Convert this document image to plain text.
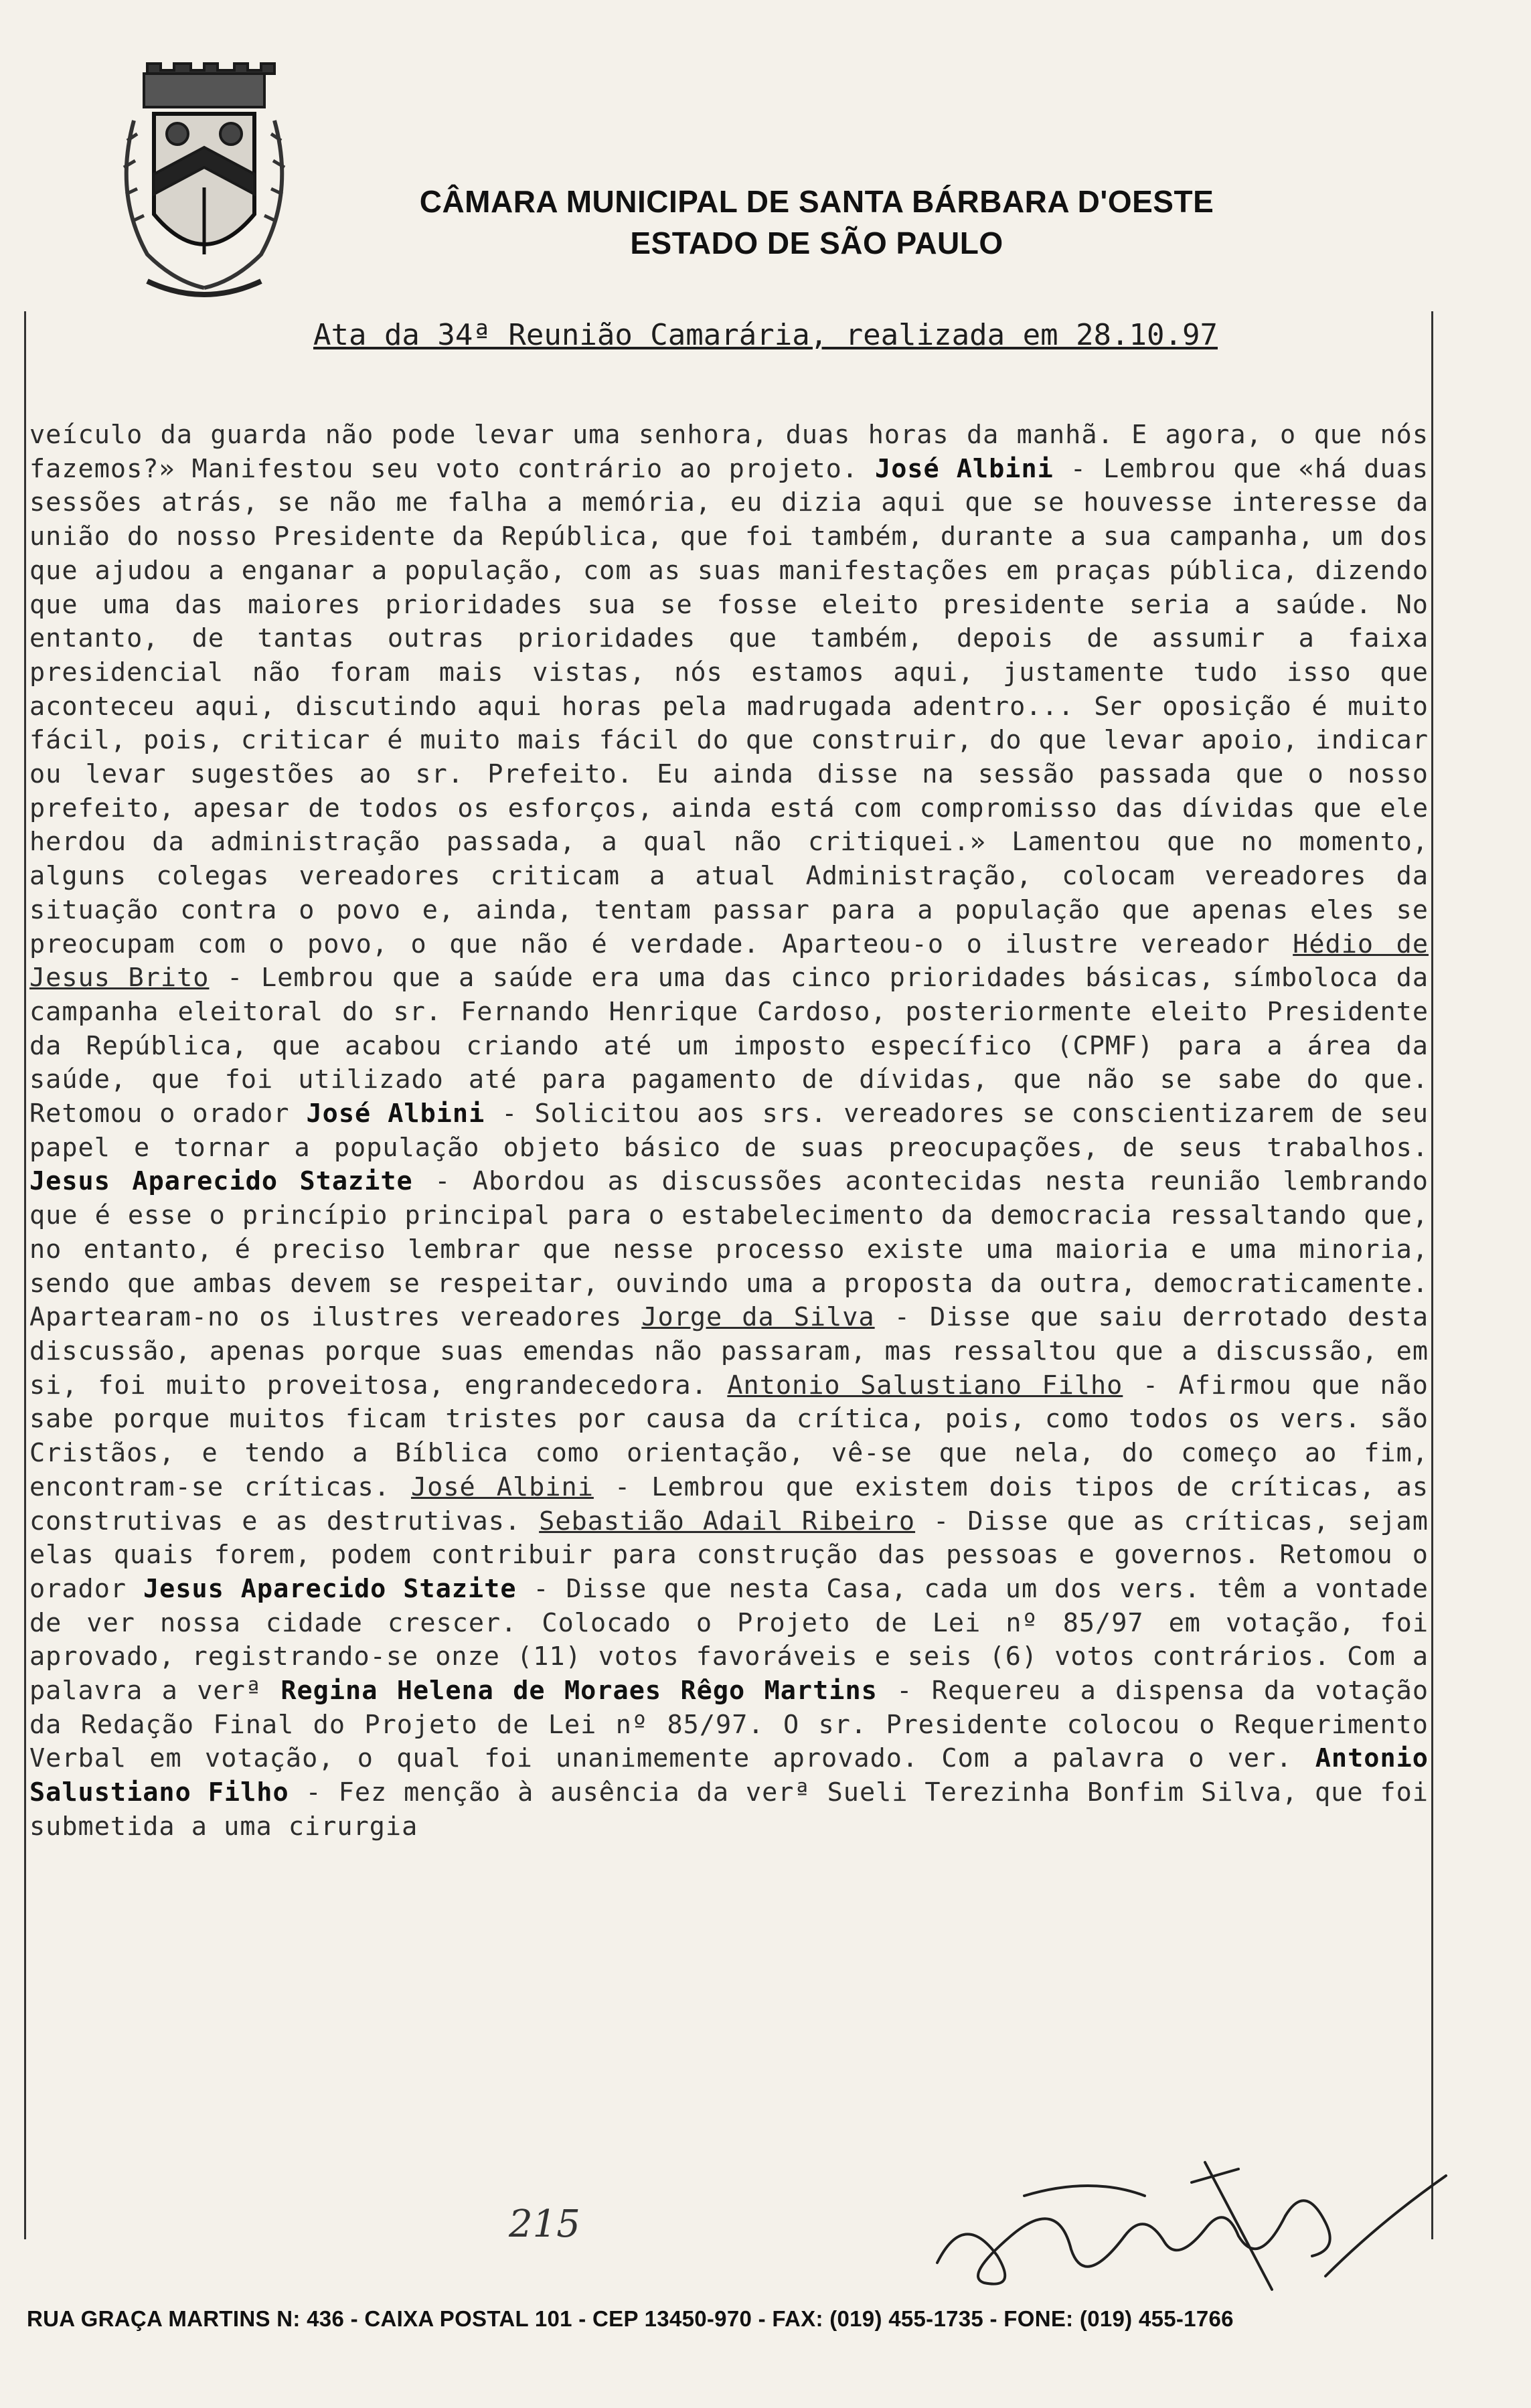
CÂMARA MUNICIPAL DE SANTA BÁRBARA D'OESTE
ESTADO DE SÃO PAULO
Ata da 34ª Reunião Camarária, realizada em 28.10.97
veículo da guarda não pode levar uma senhora, duas horas da manhã. E agora, o que nós fazemos?» Manifestou seu voto contrário ao projeto. José Albini - Lembrou que «há duas sessões atrás, se não me falha a memória, eu dizia aqui que se houvesse interesse da união do nosso Presidente da República, que foi também, durante a sua campanha, um dos que ajudou a enganar a população, com as suas manifestações em praças pública, dizendo que uma das maiores prioridades sua se fosse eleito presidente seria a saúde. No entanto, de tantas outras prioridades que também, depois de assumir a faixa presidencial não foram mais vistas, nós estamos aqui, justamente tudo isso que aconteceu aqui, discutindo aqui horas pela madrugada adentro... Ser oposição é muito fácil, pois, criticar é muito mais fácil do que construir, do que levar apoio, indicar ou levar sugestões ao sr. Prefeito. Eu ainda disse na sessão passada que o nosso prefeito, apesar de todos os esforços, ainda está com compromisso das dívidas que ele herdou da administração passada, a qual não critiquei.» Lamentou que no momento, alguns colegas vereadores criticam a atual Administração, colocam vereadores da situação contra o povo e, ainda, tentam passar para a população que apenas eles se preocupam com o povo, o que não é verdade. Aparteou-o o ilustre vereador Hédio de Jesus Brito - Lembrou que a saúde era uma das cinco prioridades básicas, símboloca da campanha eleitoral do sr. Fernando Henrique Cardoso, posteriormente eleito Presidente da República, que acabou criando até um imposto específico (CPMF) para a área da saúde, que foi utilizado até para pagamento de dívidas, que não se sabe do que. Retomou o orador José Albini - Solicitou aos srs. vereadores se conscientizarem de seu papel e tornar a população objeto básico de suas preocupações, de seus trabalhos. Jesus Aparecido Stazite - Abordou as discussões acontecidas nesta reunião lembrando que é esse o princípio principal para o estabelecimento da democracia ressaltando que, no entanto, é preciso lembrar que nesse processo existe uma maioria e uma minoria, sendo que ambas devem se respeitar, ouvindo uma a proposta da outra, democraticamente. Apartearam-no os ilustres vereadores Jorge da Silva - Disse que saiu derrotado desta discussão, apenas porque suas emendas não passaram, mas ressaltou que a discussão, em si, foi muito proveitosa, engrandecedora. Antonio Salustiano Filho - Afirmou que não sabe porque muitos ficam tristes por causa da crítica, pois, como todos os vers. são Cristãos, e tendo a Bíblica como orientação, vê-se que nela, do começo ao fim, encontram-se críticas. José Albini - Lembrou que existem dois tipos de críticas, as construtivas e as destrutivas. Sebastião Adail Ribeiro - Disse que as críticas, sejam elas quais forem, podem contribuir para construção das pessoas e governos. Retomou o orador Jesus Aparecido Stazite - Disse que nesta Casa, cada um dos vers. têm a vontade de ver nossa cidade crescer. Colocado o Projeto de Lei nº 85/97 em votação, foi aprovado, registrando-se onze (11) votos favoráveis e seis (6) votos contrários. Com a palavra a verª Regina Helena de Moraes Rêgo Martins - Requereu a dispensa da votação da Redação Final do Projeto de Lei nº 85/97. O sr. Presidente colocou o Requerimento Verbal em votação, o qual foi unanimemente aprovado. Com a palavra o ver. Antonio Salustiano Filho - Fez menção à ausência da verª Sueli Terezinha Bonfim Silva, que foi submetida a uma cirurgia
215
RUA GRAÇA MARTINS N: 436 - CAIXA POSTAL 101 - CEP 13450-970 - FAX: (019) 455-1735 - FONE: (019) 455-1766
